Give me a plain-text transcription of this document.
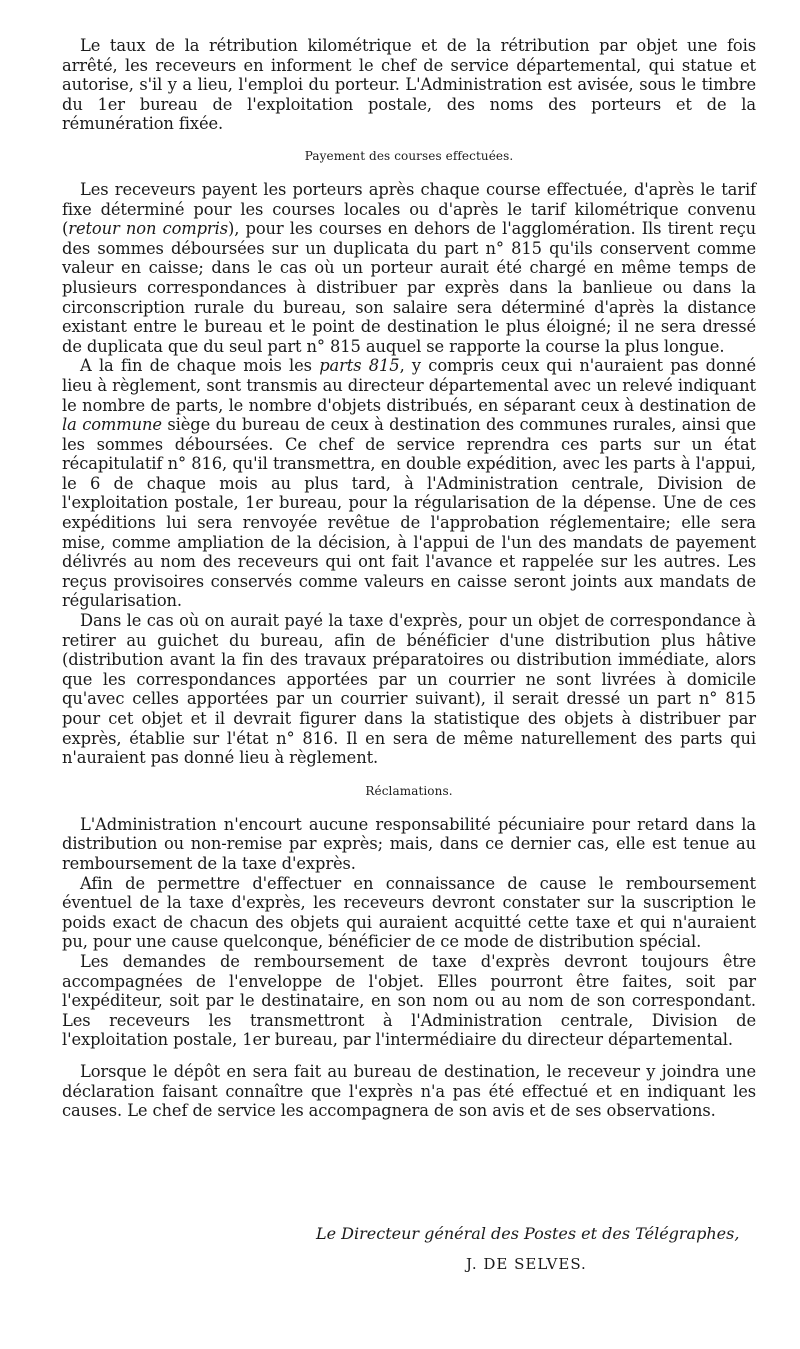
Le taux de la rétribution kilométrique et de la rétribution par objet une fois arrêté, les receveurs en informent le chef de service départemental, qui statue et autorise, s'il y a lieu, l'emploi du porteur. L'Administration est avisée, sous le timbre du 1er bureau de l'exploitation postale, des noms des porteurs et de la rémunération fixée.

Payement des courses effectuées.

Les receveurs payent les porteurs après chaque course effectuée, d'après le tarif fixe déterminé pour les courses locales ou d'après le tarif kilométrique convenu (retour non compris), pour les courses en dehors de l'agglomération. Ils tirent reçu des sommes déboursées sur un duplicata du part n° 815 qu'ils conservent comme valeur en caisse; dans le cas où un porteur aurait été chargé en même temps de plusieurs correspondances à distribuer par exprès dans la banlieue ou dans la circonscription rurale du bureau, son salaire sera déterminé d'après la distance existant entre le bureau et le point de destination le plus éloigné; il ne sera dressé de duplicata que du seul part n° 815 auquel se rapporte la course la plus longue.

A la fin de chaque mois les parts 815, y compris ceux qui n'auraient pas donné lieu à règlement, sont transmis au directeur départemental avec un relevé indiquant le nombre de parts, le nombre d'objets distribués, en séparant ceux à destination de la commune siège du bureau de ceux à destination des communes rurales, ainsi que les sommes déboursées. Ce chef de service reprendra ces parts sur un état récapitulatif n° 816, qu'il transmettra, en double expédition, avec les parts à l'appui, le 6 de chaque mois au plus tard, à l'Administration centrale, Division de l'exploitation postale, 1er bureau, pour la régularisation de la dépense. Une de ces expéditions lui sera renvoyée revêtue de l'approbation réglementaire; elle sera mise, comme ampliation de la décision, à l'appui de l'un des mandats de payement délivrés au nom des receveurs qui ont fait l'avance et rappelée sur les autres. Les reçus provisoires conservés comme valeurs en caisse seront joints aux mandats de régularisation.

Dans le cas où on aurait payé la taxe d'exprès, pour un objet de correspondance à retirer au guichet du bureau, afin de bénéficier d'une distribution plus hâtive (distribution avant la fin des travaux préparatoires ou distribution immédiate, alors que les correspondances apportées par un courrier ne sont livrées à domicile qu'avec celles apportées par un courrier suivant), il serait dressé un part n° 815 pour cet objet et il devrait figurer dans la statistique des objets à distribuer par exprès, établie sur l'état n° 816. Il en sera de même naturellement des parts qui n'auraient pas donné lieu à règlement.

Réclamations.

L'Administration n'encourt aucune responsabilité pécuniaire pour retard dans la distribution ou non-remise par exprès; mais, dans ce dernier cas, elle est tenue au remboursement de la taxe d'exprès.

Afin de permettre d'effectuer en connaissance de cause le remboursement éventuel de la taxe d'exprès, les receveurs devront constater sur la suscription le poids exact de chacun des objets qui auraient acquitté cette taxe et qui n'auraient pu, pour une cause quelconque, bénéficier de ce mode de distribution spécial.

Les demandes de remboursement de taxe d'exprès devront toujours être accompagnées de l'enveloppe de l'objet. Elles pourront être faites, soit par l'expéditeur, soit par le destinataire, en son nom ou au nom de son correspondant. Les receveurs les transmettront à l'Administration centrale, Division de l'exploitation postale, 1er bureau, par l'intermédiaire du directeur départemental.

Lorsque le dépôt en sera fait au bureau de destination, le receveur y joindra une déclaration faisant connaître que l'exprès n'a pas été effectué et en indiquant les causes. Le chef de service les accompagnera de son avis et de ses observations.

Le Directeur général des Postes et des Télégraphes,
J. DE SELVES.
